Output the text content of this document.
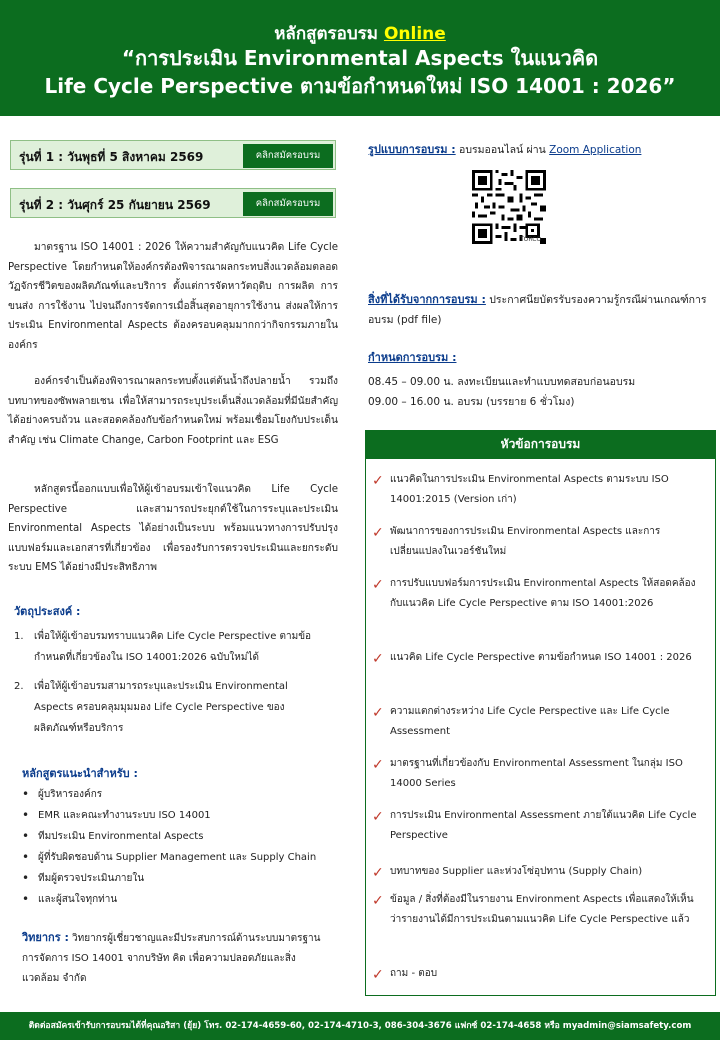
หลักสูตรอบรม Online
“การประเมิน Environmental Aspects ในแนวคิด
Life Cycle Perspective ตามข้อกำหนดใหม่ ISO 14001 : 2026”
รุ่นที่ 1 : วันพุธที่ 5 สิงหาคม 2569	คลิกสมัครอบรม
รุ่นที่ 2 : วันศุกร์ 25 กันยายน 2569	คลิกสมัครอบรม
มาตรฐาน ISO 14001 : 2026 ให้ความสำคัญกับแนวคิด Life Cycle Perspective โดยกำหนดให้องค์กรต้องพิจารณาผลกระทบสิ่งแวดล้อมตลอดวัฏจักรชีวิตของผลิตภัณฑ์และบริการ ตั้งแต่การจัดหาวัตถุดิบ การผลิต การขนส่ง การใช้งาน ไปจนถึงการจัดการเมื่อสิ้นสุดอายุการใช้งาน ส่งผลให้การประเมิน Environmental Aspects ต้องครอบคลุมมากกว่ากิจกรรมภายในองค์กร
องค์กรจำเป็นต้องพิจารณาผลกระทบตั้งแต่ต้นน้ำถึงปลายน้ำ รวมถึงบทบาทของซัพพลายเชน เพื่อให้สามารถระบุประเด็นสิ่งแวดล้อมที่มีนัยสำคัญได้อย่างครบถ้วน และสอดคล้องกับข้อกำหนดใหม่ พร้อมเชื่อมโยงกับประเด็นสำคัญ เช่น Climate Change, Carbon Footprint และ ESG
หลักสูตรนี้ออกแบบเพื่อให้ผู้เข้าอบรมเข้าใจแนวคิด Life Cycle Perspective และสามารถประยุกต์ใช้ในการระบุและประเมิน Environmental Aspects ได้อย่างเป็นระบบ พร้อมแนวทางการปรับปรุงแบบฟอร์มและเอกสารที่เกี่ยวข้อง เพื่อรองรับการตรวจประเมินและยกระดับระบบ EMS ได้อย่างมีประสิทธิภาพ
วัตถุประสงค์ :
1. เพื่อให้ผู้เข้าอบรมทราบแนวคิด Life Cycle Perspective ตามข้อกำหนดที่เกี่ยวข้องใน ISO 14001:2026 ฉบับใหม่ได้
2. เพื่อให้ผู้เข้าอบรมสามารถระบุและประเมิน Environmental Aspects ครอบคลุมมุมมอง Life Cycle Perspective ของผลิตภัณฑ์หรือบริการ
หลักสูตรแนะนำสำหรับ :
• ผู้บริหารองค์กร
• EMR และคณะทำงานระบบ ISO 14001
• ทีมประเมิน Environmental Aspects
• ผู้ที่รับผิดชอบด้าน Supplier Management และ Supply Chain
• ทีมผู้ตรวจประเมินภายใน
• และผู้สนใจทุกท่าน
วิทยากร : วิทยากรผู้เชี่ยวชาญและมีประสบการณ์ด้านระบบมาตรฐานการจัดการ ISO 14001 จากบริษัท คิด เพื่อความปลอดภัยและสิ่งแวดล้อม จำกัด
รูปแบบการอบรม : อบรมออนไลน์ ผ่าน Zoom Application
TORCO
สิ่งที่ได้รับจากการอบรม : ประกาศนียบัตรรับรองความรู้กรณีผ่านเกณฑ์การอบรม (pdf file)
กำหนดการอบรม :
08.45 – 09.00 น. ลงทะเบียนและทำแบบทดสอบก่อนอบรม
09.00 – 16.00 น. อบรม (บรรยาย 6 ชั่วโมง)
หัวข้อการอบรม
✓ แนวคิดในการประเมิน Environmental Aspects ตามระบบ ISO 14001:2015 (Version เก่า)
✓ พัฒนาการของการประเมิน Environmental Aspects และการเปลี่ยนแปลงในเวอร์ชันใหม่
✓ การปรับแบบฟอร์มการประเมิน Environmental Aspects ให้สอดคล้องกับแนวคิด Life Cycle Perspective ตาม ISO 14001:2026
✓ แนวคิด Life Cycle Perspective ตามข้อกำหนด ISO 14001 : 2026
✓ ความแตกต่างระหว่าง Life Cycle Perspective และ Life Cycle Assessment
✓ มาตรฐานที่เกี่ยวข้องกับ Environmental Assessment ในกลุ่ม ISO 14000 Series
✓ การประเมิน Environmental Assessment ภายใต้แนวคิด Life Cycle Perspective
✓ บทบาทของ Supplier และห่วงโซ่อุปทาน (Supply Chain)
✓ ข้อมูล / สิ่งที่ต้องมีในรายงาน Environment Aspects เพื่อแสดงให้เห็นว่ารายงานได้มีการประเมินตามแนวคิด Life Cycle Perspective แล้ว
✓ ถาม - ตอบ
ติดต่อสมัครเข้ารับการอบรมได้ที่คุณอริสา (ยุ้ย) โทร. 02-174-4659-60, 02-174-4710-3, 086-304-3676 แฟกซ์ 02-174-4658 หรือ myadmin@siamsafety.com
